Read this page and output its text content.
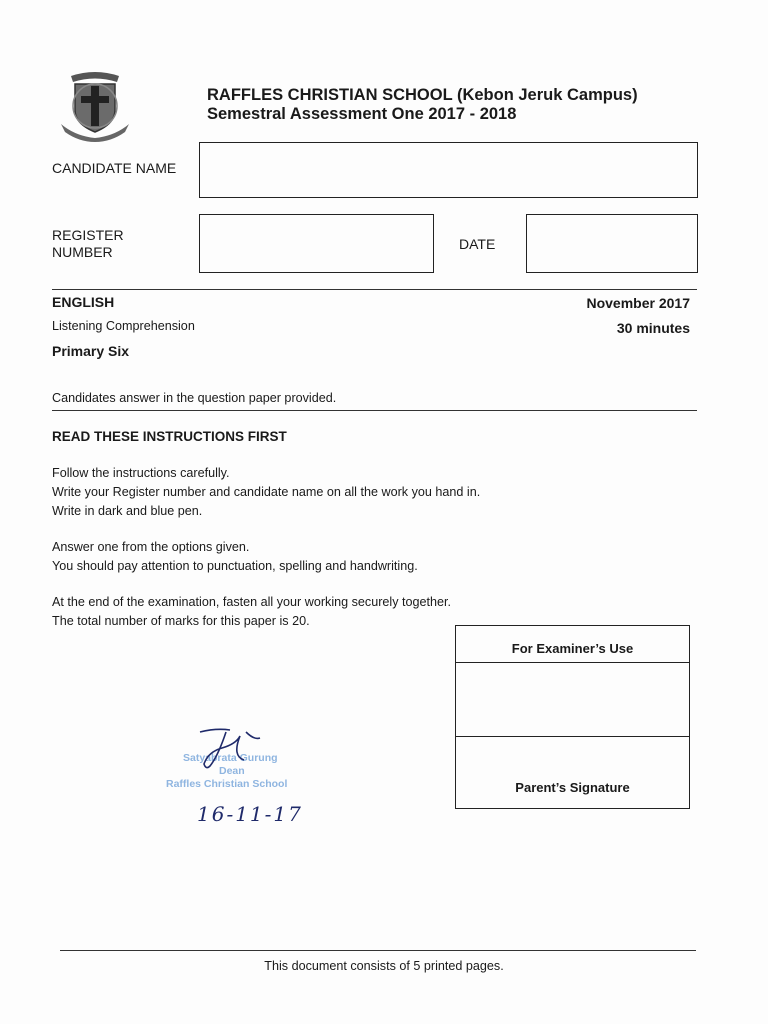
RAFFLES CHRISTIAN SCHOOL (Kebon Jeruk Campus)
Semestral Assessment One 2017 - 2018
CANDIDATE NAME
REGISTER
NUMBER	DATE
ENGLISH
Listening Comprehension
Primary Six
November 2017
30 minutes
Candidates answer in the question paper provided.
READ THESE INSTRUCTIONS FIRST
Follow the instructions carefully.
Write your Register number and candidate name on all the work you hand in.
Write in dark and blue pen.
Answer one from the options given.
You should pay attention to punctuation, spelling and handwriting.
At the end of the examination, fasten all your working securely together.
The total number of marks for this paper is 20.
For Examiner’s Use
Parent’s Signature
Satyabrata Gurung
Dean
Raffles Christian School
16-11-17
This document consists of 5 printed pages.
